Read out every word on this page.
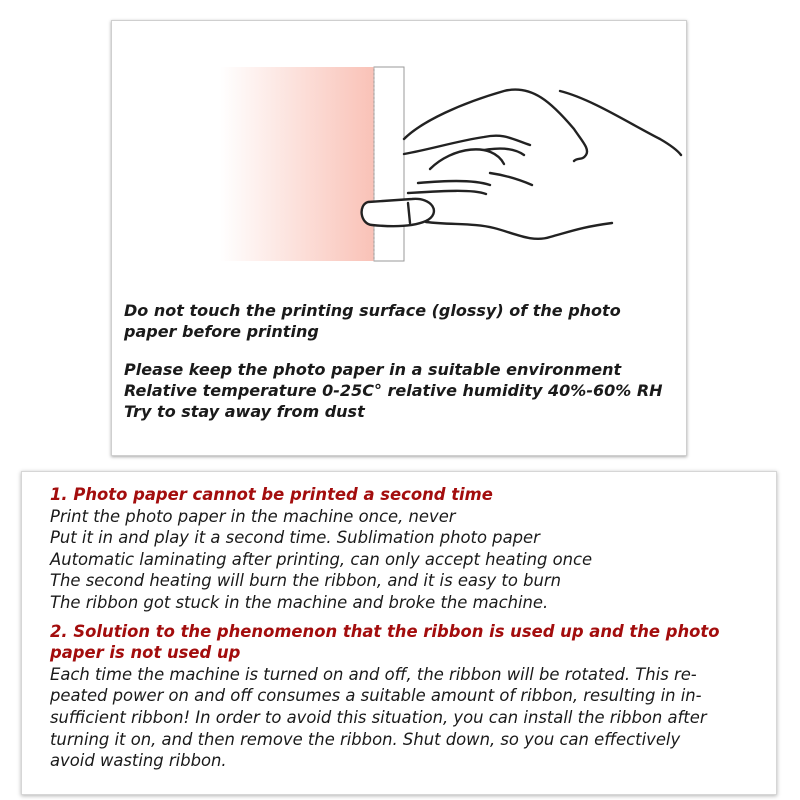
Do not touch the printing surface (glossy) of the photo
paper before printing

Please keep the photo paper in a suitable environment
Relative temperature 0-25C° relative humidity 40%-60% RH
Try to stay away from dust

1. Photo paper cannot be printed a second time
Print the photo paper in the machine once, never
Put it in and play it a second time. Sublimation photo paper
Automatic laminating after printing, can only accept heating once
The second heating will burn the ribbon, and it is easy to burn
The ribbon got stuck in the machine and broke the machine.
2. Solution to the phenomenon that the ribbon is used up and the photo
paper is not used up
Each time the machine is turned on and off, the ribbon will be rotated. This re-
peated power on and off consumes a suitable amount of ribbon, resulting in in-
sufficient ribbon! In order to avoid this situation, you can install the ribbon after
turning it on, and then remove the ribbon. Shut down, so you can effectively
avoid wasting ribbon.
